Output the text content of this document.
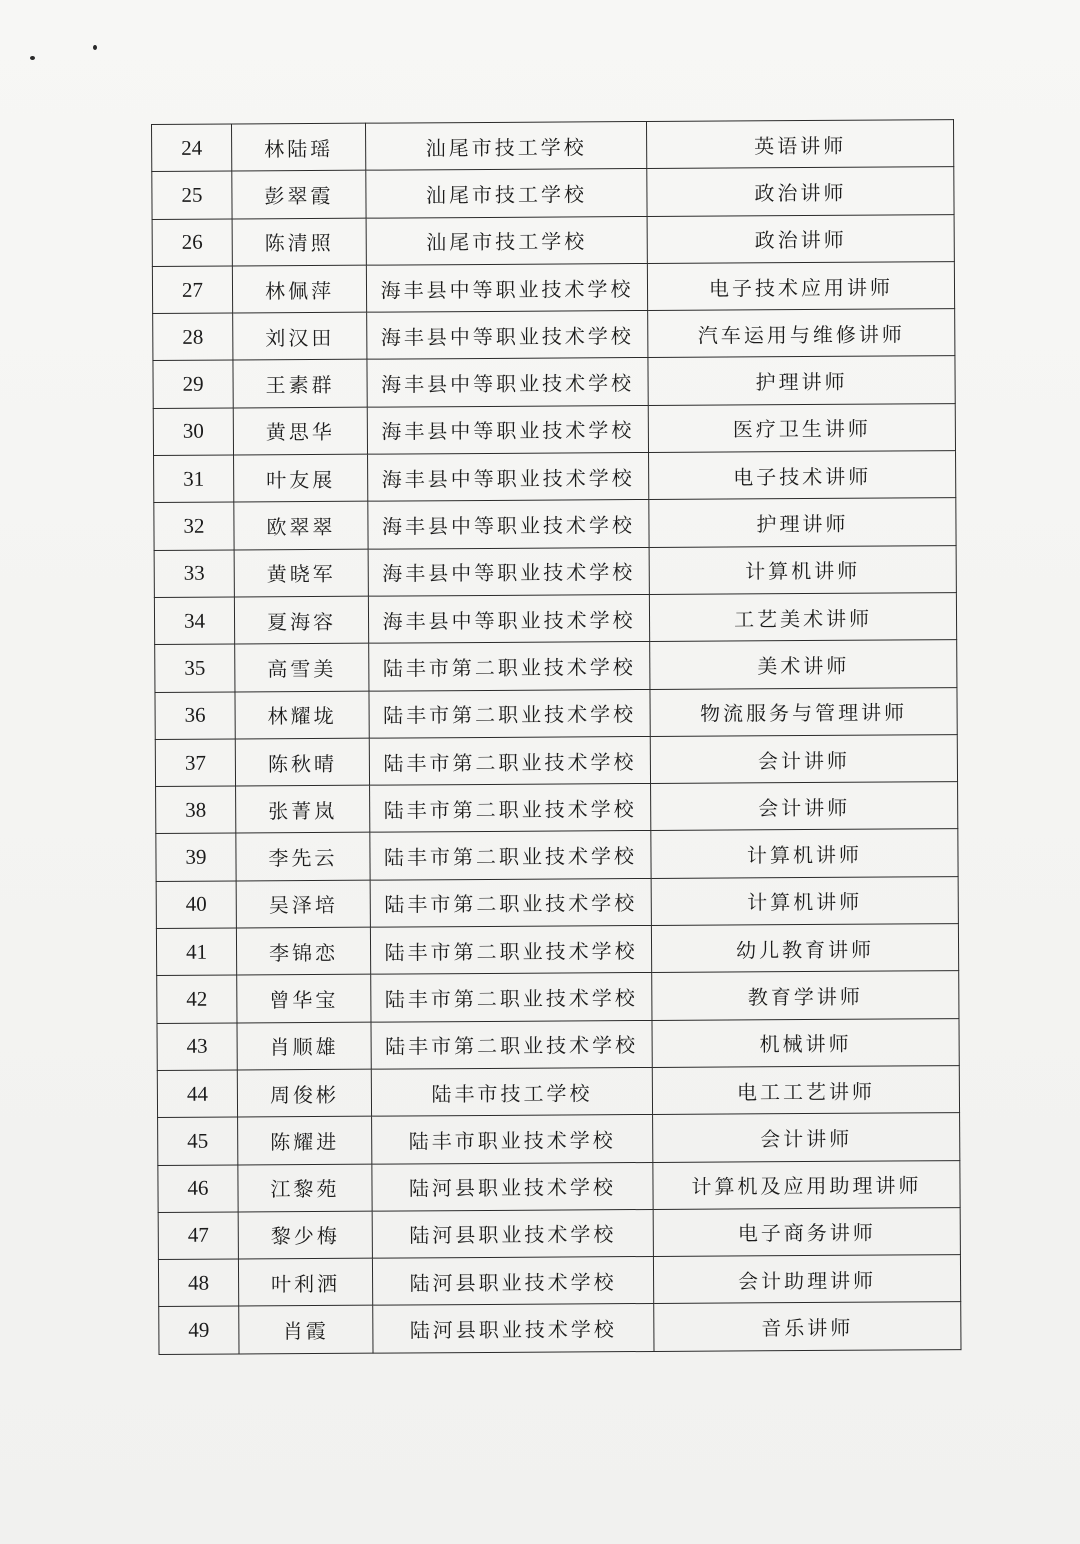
24	林陆瑶	汕尾市技工学校	英语讲师
25	彭翠霞	汕尾市技工学校	政治讲师
26	陈清照	汕尾市技工学校	政治讲师
27	林佩萍	海丰县中等职业技术学校	电子技术应用讲师
28	刘汉田	海丰县中等职业技术学校	汽车运用与维修讲师
29	王素群	海丰县中等职业技术学校	护理讲师
30	黄思华	海丰县中等职业技术学校	医疗卫生讲师
31	叶友展	海丰县中等职业技术学校	电子技术讲师
32	欧翠翠	海丰县中等职业技术学校	护理讲师
33	黄晓军	海丰县中等职业技术学校	计算机讲师
34	夏海容	海丰县中等职业技术学校	工艺美术讲师
35	高雪美	陆丰市第二职业技术学校	美术讲师
36	林耀垅	陆丰市第二职业技术学校	物流服务与管理讲师
37	陈秋晴	陆丰市第二职业技术学校	会计讲师
38	张菁岚	陆丰市第二职业技术学校	会计讲师
39	李先云	陆丰市第二职业技术学校	计算机讲师
40	吴泽培	陆丰市第二职业技术学校	计算机讲师
41	李锦恋	陆丰市第二职业技术学校	幼儿教育讲师
42	曾华宝	陆丰市第二职业技术学校	教育学讲师
43	肖顺雄	陆丰市第二职业技术学校	机械讲师
44	周俊彬	陆丰市技工学校	电工工艺讲师
45	陈耀进	陆丰市职业技术学校	会计讲师
46	江黎苑	陆河县职业技术学校	计算机及应用助理讲师
47	黎少梅	陆河县职业技术学校	电子商务讲师
48	叶利洒	陆河县职业技术学校	会计助理讲师
49	肖霞	陆河县职业技术学校	音乐讲师
